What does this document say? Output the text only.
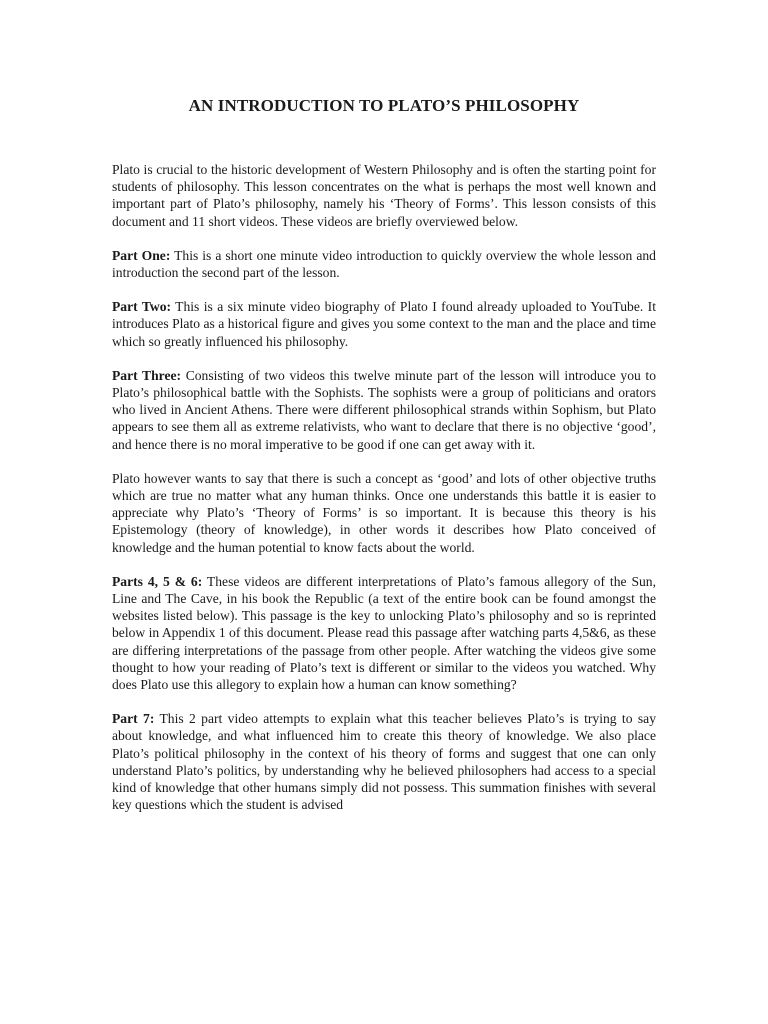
AN INTRODUCTION TO PLATO’S PHILOSOPHY

Plato is crucial to the historic development of Western Philosophy and is often the starting point for students of philosophy. This lesson concentrates on the what is perhaps the most well known and important part of Plato’s philosophy, namely his ‘Theory of Forms’. This lesson consists of this document and 11 short videos. These videos are briefly overviewed below.

Part One: This is a short one minute video introduction to quickly overview the whole lesson and introduction the second part of the lesson.

Part Two: This is a six minute video biography of Plato I found already uploaded to YouTube. It introduces Plato as a historical figure and gives you some context to the man and the place and time which so greatly influenced his philosophy.

Part Three: Consisting of two videos this twelve minute part of the lesson will introduce you to Plato’s philosophical battle with the Sophists. The sophists were a group of politicians and orators who lived in Ancient Athens. There were different philosophical strands within Sophism, but Plato appears to see them all as extreme relativists, who want to declare that there is no objective ‘good’, and hence there is no moral imperative to be good if one can get away with it.

Plato however wants to say that there is such a concept as ‘good’ and lots of other objective truths which are true no matter what any human thinks. Once one understands this battle it is easier to appreciate why Plato’s ‘Theory of Forms’ is so important. It is because this theory is his Epistemology (theory of knowledge), in other words it describes how Plato conceived of knowledge and the human potential to know facts about the world.

Parts 4, 5 & 6: These videos are different interpretations of Plato’s famous allegory of the Sun, Line and The Cave, in his book the Republic (a text of the entire book can be found amongst the websites listed below). This passage is the key to unlocking Plato’s philosophy and so is reprinted below in Appendix 1 of this document. Please read this passage after watching parts 4,5&6, as these are differing interpretations of the passage from other people. After watching the videos give some thought to how your reading of Plato’s text is different or similar to the videos you watched. Why does Plato use this allegory to explain how a human can know something?

Part 7: This 2 part video attempts to explain what this teacher believes Plato’s is trying to say about knowledge, and what influenced him to create this theory of knowledge. We also place Plato’s political philosophy in the context of his theory of forms and suggest that one can only understand Plato’s politics, by understanding why he believed philosophers had access to a special kind of knowledge that other humans simply did not possess. This summation finishes with several key questions which the student is advised
